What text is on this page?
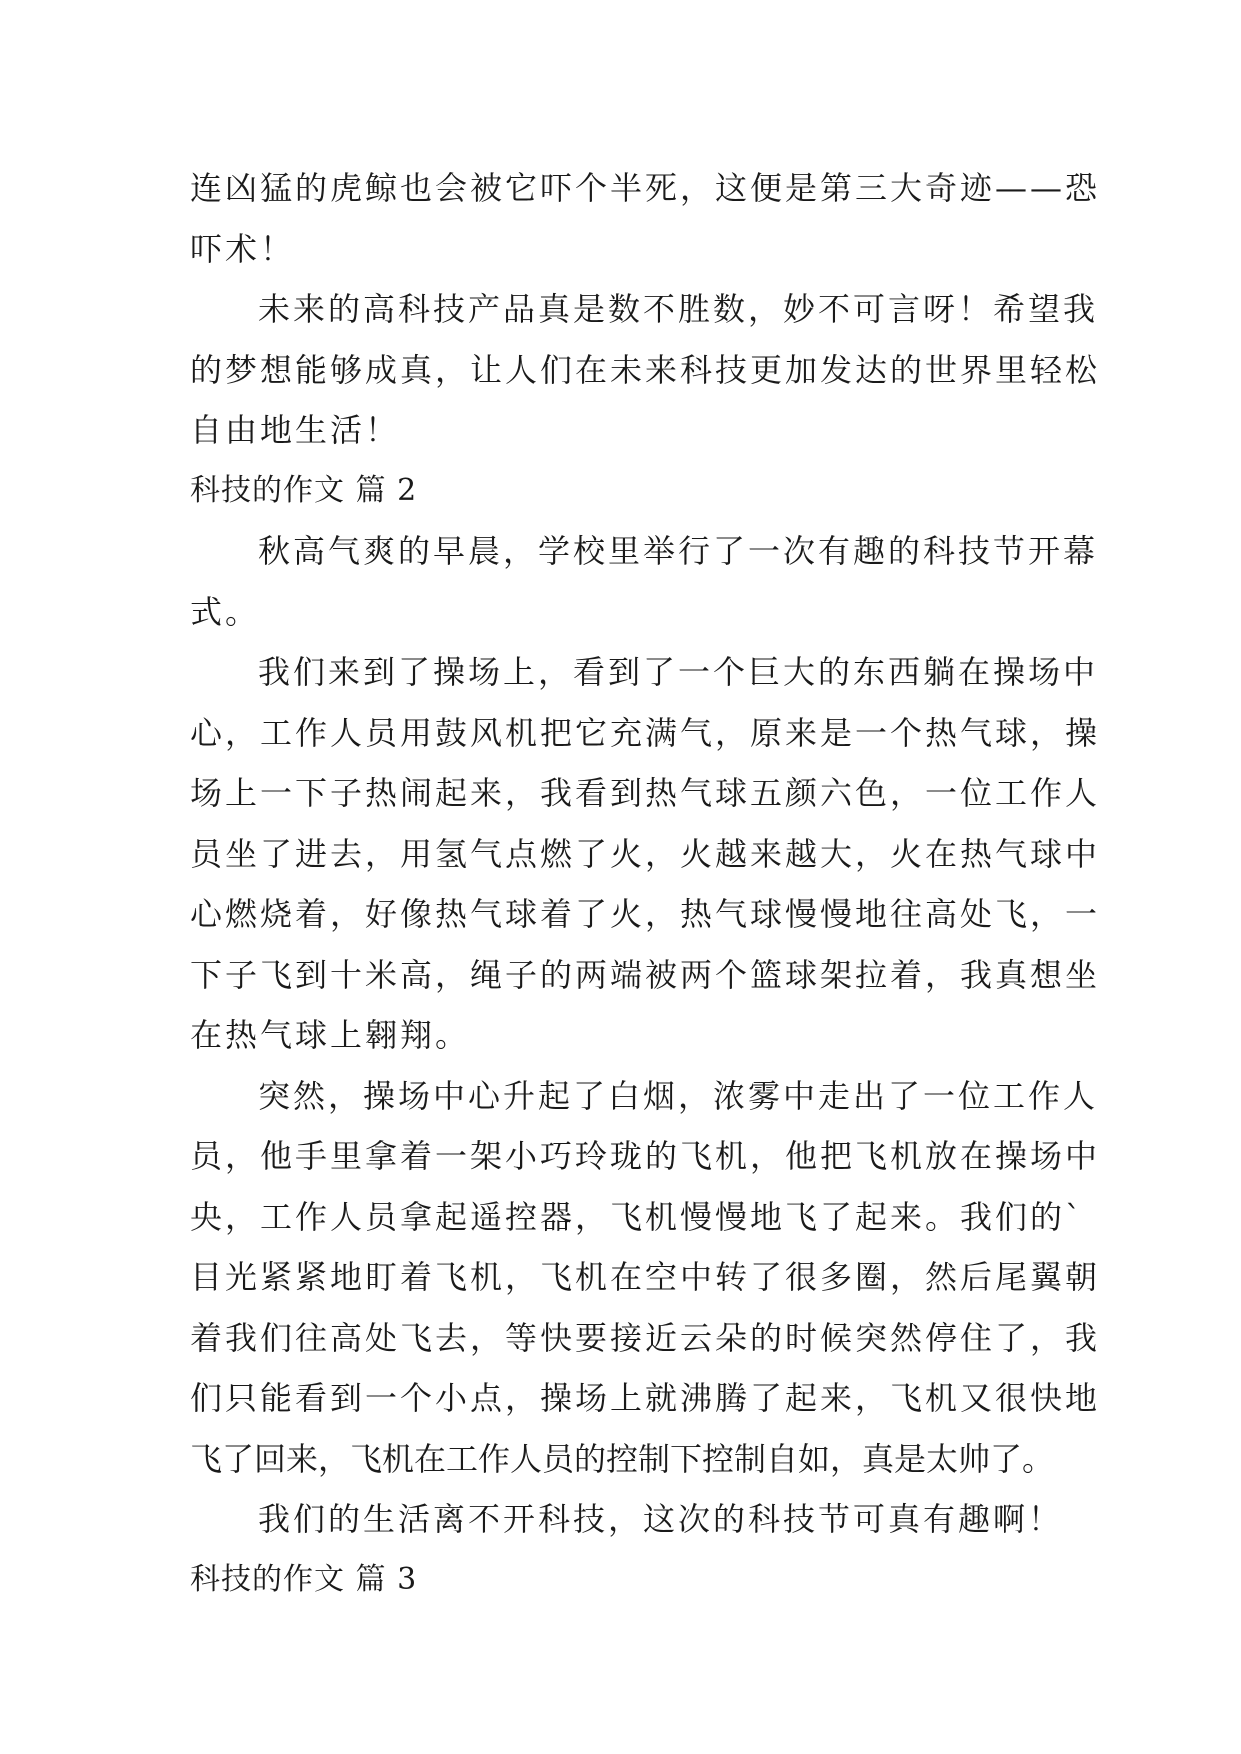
连凶猛的虎鲸也会被它吓个半死，这便是第三大奇迹——恐
吓术！
未来的高科技产品真是数不胜数，妙不可言呀！希望我
的梦想能够成真，让人们在未来科技更加发达的世界里轻松
自由地生活！
科技的作文 篇 2
秋高气爽的早晨，学校里举行了一次有趣的科技节开幕
式。
我们来到了操场上，看到了一个巨大的东西躺在操场中
心，工作人员用鼓风机把它充满气，原来是一个热气球，操
场上一下子热闹起来，我看到热气球五颜六色，一位工作人
员坐了进去，用氢气点燃了火，火越来越大，火在热气球中
心燃烧着，好像热气球着了火，热气球慢慢地往高处飞，一
下子飞到十米高，绳子的两端被两个篮球架拉着，我真想坐
在热气球上翱翔。
突然，操场中心升起了白烟，浓雾中走出了一位工作人
员，他手里拿着一架小巧玲珑的飞机，他把飞机放在操场中
央，工作人员拿起遥控器，飞机慢慢地飞了起来。我们的`
目光紧紧地盯着飞机，飞机在空中转了很多圈，然后尾翼朝
着我们往高处飞去，等快要接近云朵的时候突然停住了，我
们只能看到一个小点，操场上就沸腾了起来，飞机又很快地
飞了回来，飞机在工作人员的控制下控制自如，真是太帅了。
我们的生活离不开科技，这次的科技节可真有趣啊！
科技的作文 篇 3
